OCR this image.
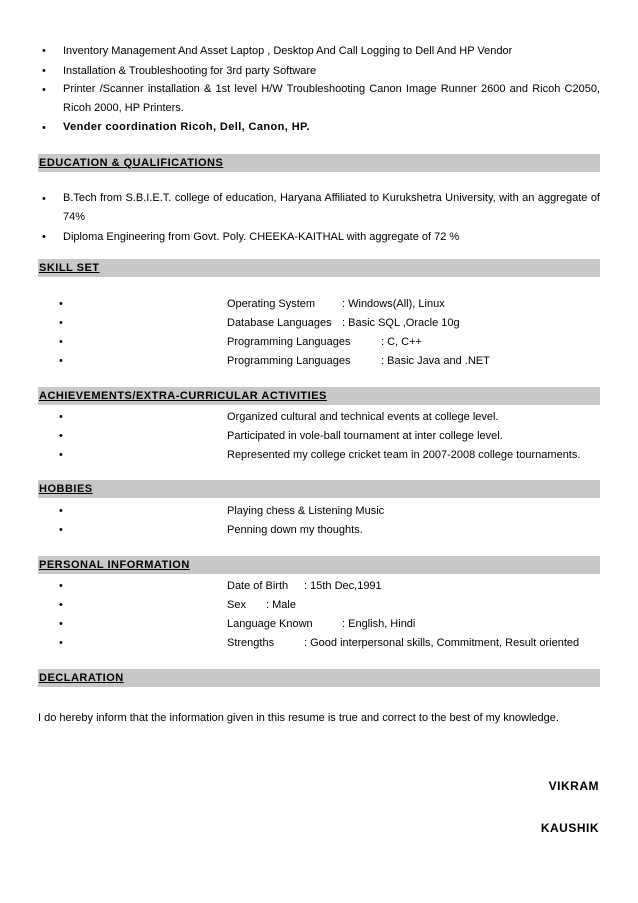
• Inventory Management And Asset Laptop , Desktop And Call Logging to Dell And HP Vendor
• Installation & Troubleshooting for 3rd party Software
• Printer /Scanner installation & 1st level H/W Troubleshooting Canon Image Runner 2600 and Ricoh C2050, Ricoh 2000, HP Printers.
• Vender coordination Ricoh, Dell, Canon, HP.
EDUCATION & QUALIFICATIONS
• B.Tech from S.B.I.E.T. college of education, Haryana Affiliated to Kurukshetra University, with an aggregate of 74%
• Diploma Engineering from Govt. Poly. CHEEKA-KAITHAL with aggregate of 72 %
SKILL SET
•	Operating System : Windows(All), Linux
•	Database Languages : Basic SQL ,Oracle 10g
•	Programming Languages	: C, C++
•	Programming Languages	: Basic Java and .NET
ACHIEVEMENTS/EXTRA-CURRICULAR ACTIVITIES
•	Organized cultural and technical events at college level.
•	Participated in vole-ball tournament at inter college level.
•	Represented my college cricket team in 2007-2008 college tournaments.
HOBBIES
•	Playing chess & Listening Music
•	Penning down my thoughts.
PERSONAL INFORMATION
•	Date of Birth : 15th Dec,1991
•	Sex : Male
•	Language Known	: English, Hindi
•	Strengths	: Good interpersonal skills, Commitment, Result oriented
DECLARATION
I do hereby inform that the information given in this resume is true and correct to the best of my knowledge.
VIKRAM
KAUSHIK
